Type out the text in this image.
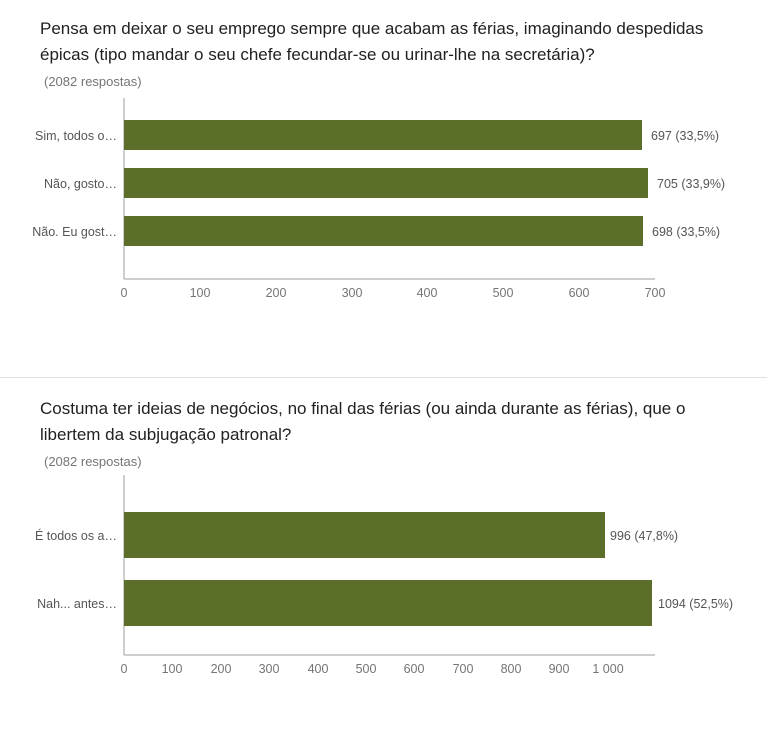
Pensa em deixar o seu emprego sempre que acabam as férias, imaginando despedidas épicas (tipo mandar o seu chefe fecundar-se ou urinar-lhe na secretária)?
(2082 respostas)
697 (33,5%)
705 (33,9%)
698 (33,5%)
Sim, todos o…
Não, gosto…
Não. Eu gost…
0	100	200	300	400	500	600	700
Costuma ter ideias de negócios, no final das férias (ou ainda durante as férias), que o libertem da subjugação patronal?
(2082 respostas)
996 (47,8%)
1094 (52,5%)
É todos os a…
Nah... antes…
0	100 200 300 400 500 600 700 800 900 1 000
